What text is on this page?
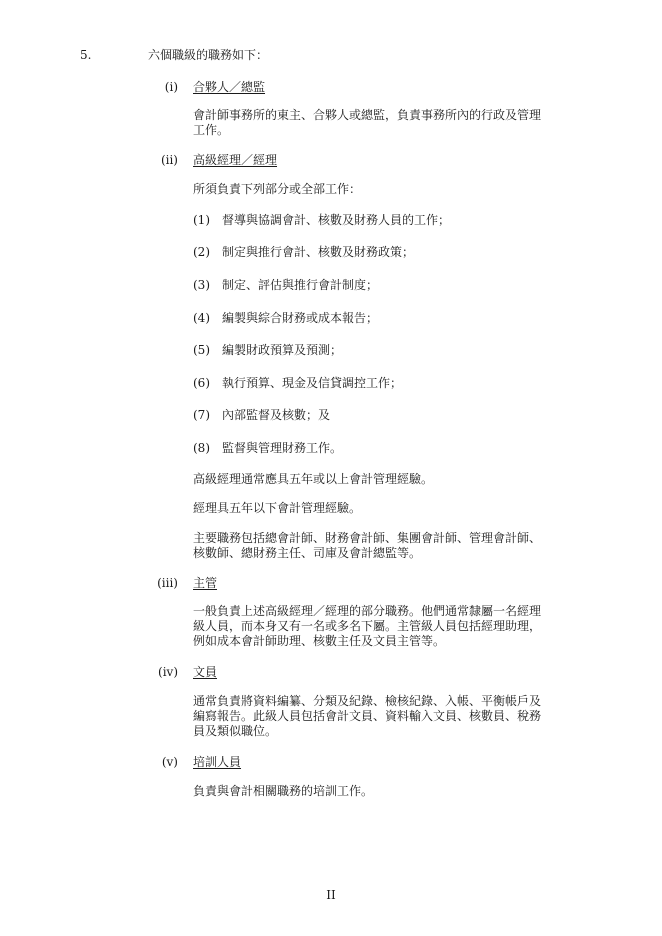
5.	六個職級的職務如下：
(i) 合夥人／總監
會計師事務所的東主、合夥人或總監，負責事務所內的行政及管理
工作。
(ii) 高級經理／經理
所須負責下列部分或全部工作：
(1) 督導與協調會計、核數及財務人員的工作；
(2) 制定與推行會計、核數及財務政策；
(3) 制定、評估與推行會計制度；
(4) 編製與綜合財務或成本報告；
(5) 編製財政預算及預測；
(6) 執行預算、現金及信貸調控工作；
(7) 內部監督及核數；及
(8) 監督與管理財務工作。
高級經理通常應具五年或以上會計管理經驗。
經理具五年以下會計管理經驗。
主要職務包括總會計師、財務會計師、集團會計師、管理會計師、
核數師、總財務主任、司庫及會計總監等。
(iii) 主管
一般負責上述高級經理／經理的部分職務。他們通常隸屬一名經理
級人員，而本身又有一名或多名下屬。主管級人員包括經理助理，
例如成本會計師助理、核數主任及文員主管等。
(iv) 文員
通常負責將資料編纂、分類及紀錄、檢核紀錄、入帳、平衡帳戶及
編寫報告。此級人員包括會計文員、資料輸入文員、核數員、稅務
員及類似職位。
(v) 培訓人員
負責與會計相關職務的培訓工作。
II
